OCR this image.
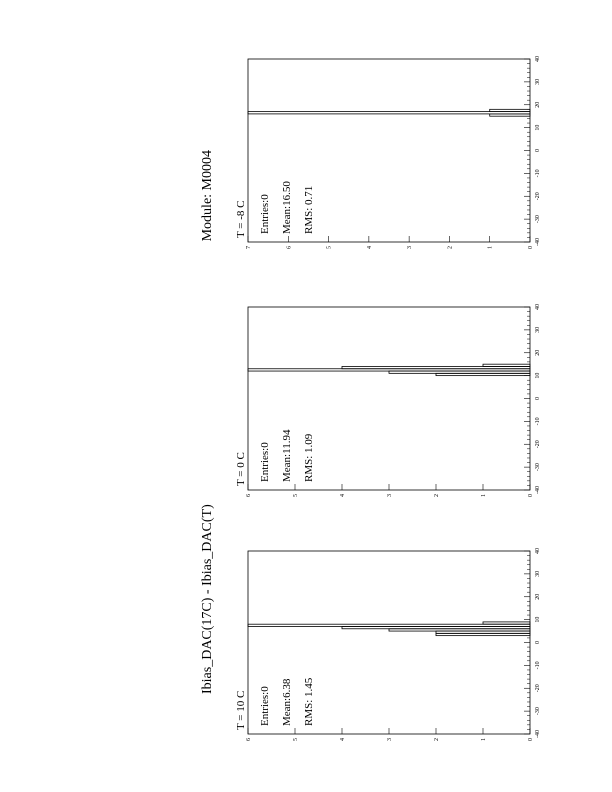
Ibias_DAC(17C) - Ibias_DAC(T)
Module: M0004
T = 10 C
-40
-30
-20
-10
0
10
20
30
40
0
1
2
3
4
5
6
Entries:0 Mean:6.38 RMS: 1.45
T = 0 C
-40
-30
-20
-10
0
10
20
30
40
0
1
2
3
4
5
6
Entries:0 Mean:11.94 RMS: 1.09
T = -8 C
-40
-30
-20
-10
0
10
20
30
40
0
1
2
3
4
5
6
7
Entries:0 Mean:16.50 RMS: 0.71
